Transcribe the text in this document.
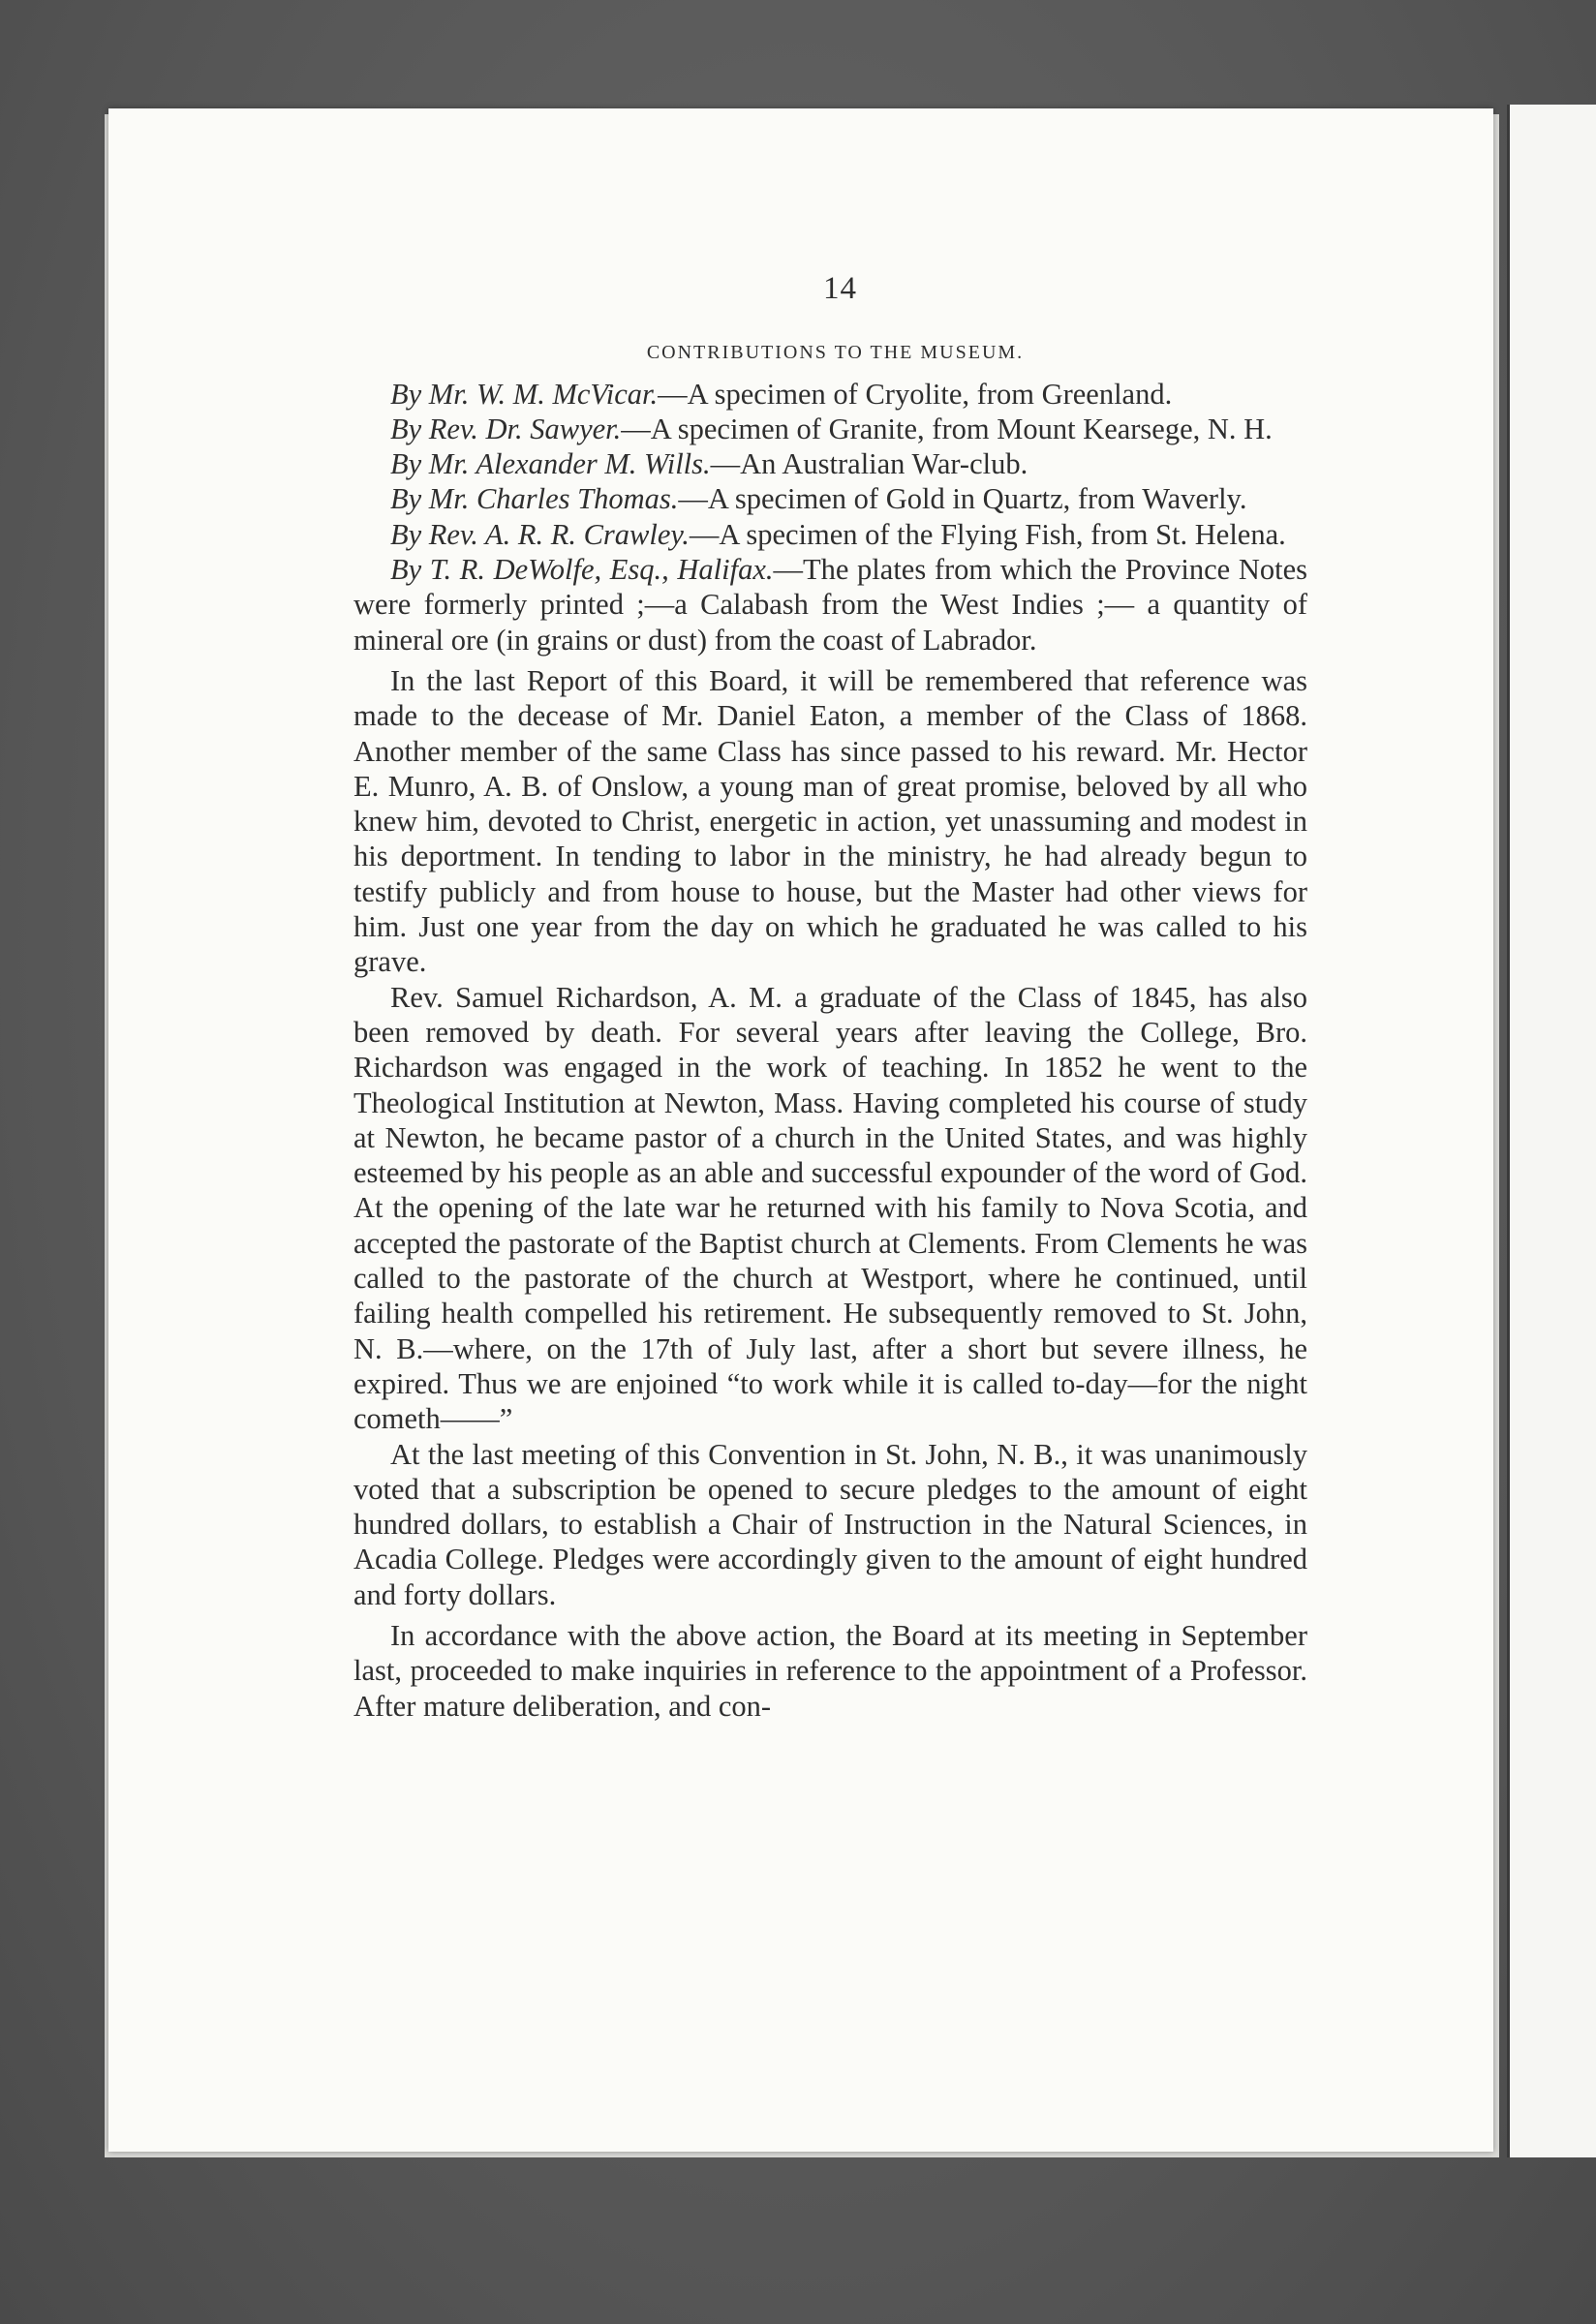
14
CONTRIBUTIONS TO THE MUSEUM.

By Mr. W. M. McVicar.—A specimen of Cryolite, from Greenland.

By Rev. Dr. Sawyer.—A specimen of Granite, from Mount Kearsege, N. H.

By Mr. Alexander M. Wills.—An Australian War-club.

By Mr. Charles Thomas.—A specimen of Gold in Quartz, from Waverly.

By Rev. A. R. R. Crawley.—A specimen of the Flying Fish, from St. Helena.

By T. R. DeWolfe, Esq., Halifax.—The plates from which the Province Notes were formerly printed ;—a Calabash from the West Indies ;— a quantity of mineral ore (in grains or dust) from the coast of Labrador.

In the last Report of this Board, it will be remembered that reference was made to the decease of Mr. Daniel Eaton, a member of the Class of 1868. Another member of the same Class has since passed to his reward. Mr. Hector E. Munro, A. B. of Onslow, a young man of great promise, beloved by all who knew him, devoted to Christ, energetic in action, yet unassuming and modest in his deportment. In tending to labor in the ministry, he had already begun to testify publicly and from house to house, but the Master had other views for him. Just one year from the day on which he graduated he was called to his grave.

Rev. Samuel Richardson, A. M. a graduate of the Class of 1845, has also been removed by death. For several years after leaving the College, Bro. Richardson was engaged in the work of teaching. In 1852 he went to the Theological Institution at Newton, Mass. Having completed his course of study at Newton, he became pastor of a church in the United States, and was highly esteemed by his people as an able and successful expounder of the word of God. At the opening of the late war he returned with his family to Nova Scotia, and accepted the pastorate of the Baptist church at Clements. From Clements he was called to the pastorate of the church at Westport, where he continued, until failing health compelled his retirement. He subsequently removed to St. John, N. B.—where, on the 17th of July last, after a short but severe illness, he expired. Thus we are enjoined “to work while it is called to-day—for the night cometh——”

At the last meeting of this Convention in St. John, N. B., it was unanimously voted that a subscription be opened to secure pledges to the amount of eight hundred dollars, to establish a Chair of Instruction in the Natural Sciences, in Acadia College. Pledges were accordingly given to the amount of eight hundred and forty dollars.

In accordance with the above action, the Board at its meeting in September last, proceeded to make inquiries in reference to the appointment of a Professor. After mature deliberation, and con-
